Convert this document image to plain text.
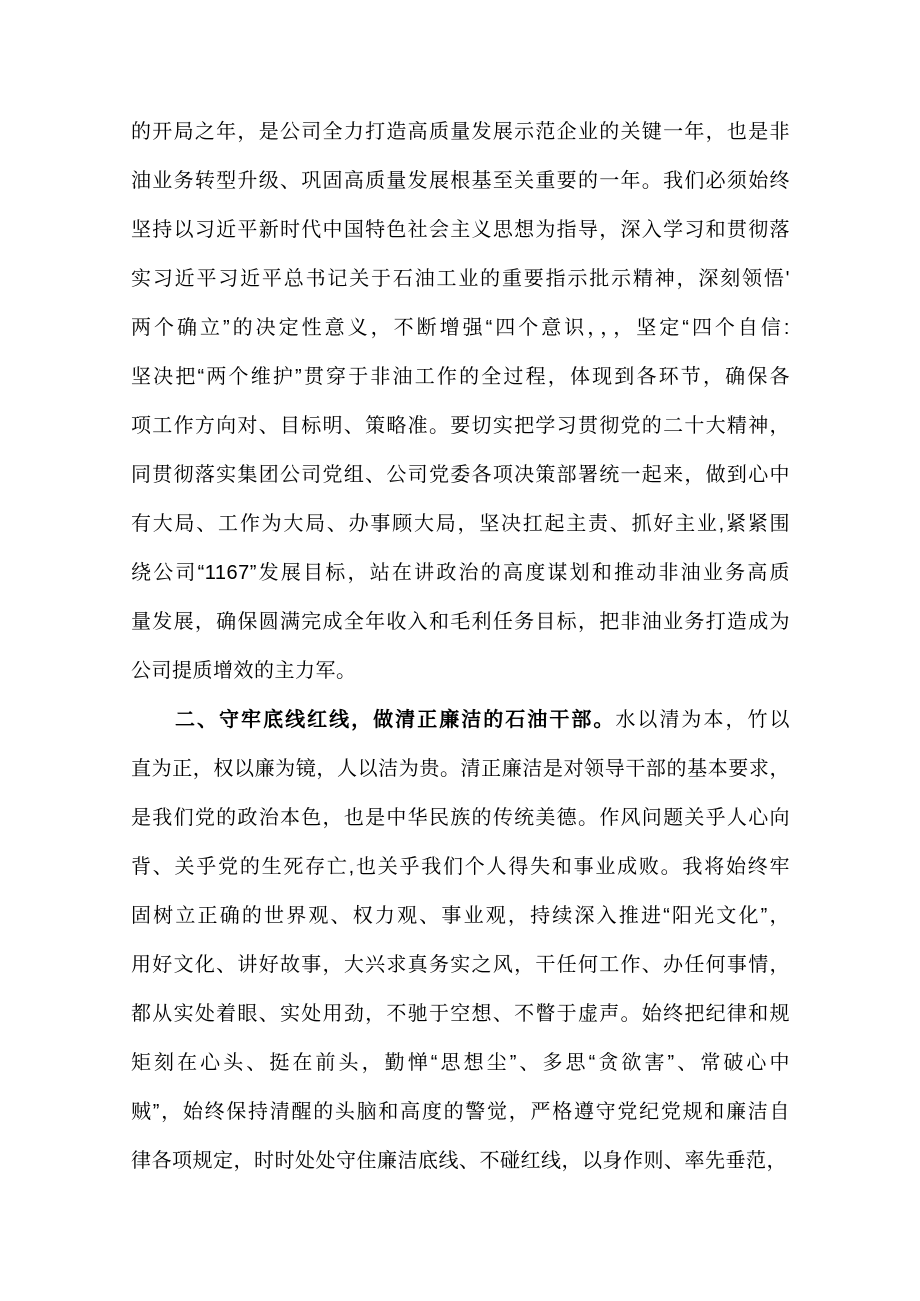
的开局之年，是公司全力打造高质量发展示范企业的关键一年，也是非
油业务转型升级、巩固高质量发展根基至关重要的一年。我们必须始终
坚持以习近平新时代中国特色社会主义思想为指导，深入学习和贯彻落
实习近平习近平总书记关于石油工业的重要指示批示精神，深刻领悟'
两个确立”的决定性意义，不断增强“四个意识，，，坚定“四个自信:
坚决把“两个维护”贯穿于非油工作的全过程，体现到各环节，确保各
项工作方向对、目标明、策略准。要切实把学习贯彻党的二十大精神，
同贯彻落实集团公司党组、公司党委各项决策部署统一起来，做到心中
有大局、工作为大局、办事顾大局，坚决扛起主责、抓好主业,紧紧围
绕公司“1167”发展目标，站在讲政治的高度谋划和推动非油业务高质
量发展，确保圆满完成全年收入和毛利任务目标，把非油业务打造成为
公司提质增效的主力军。
二、守牢底线红线，做清正廉洁的石油干部。水以清为本，竹以
直为正，权以廉为镜，人以洁为贵。清正廉洁是对领导干部的基本要求，
是我们党的政治本色，也是中华民族的传统美德。作风问题关乎人心向
背、关乎党的生死存亡,也关乎我们个人得失和事业成败。我将始终牢
固树立正确的世界观、权力观、事业观，持续深入推进“阳光文化”，
用好文化、讲好故事，大兴求真务实之风，干任何工作、办任何事情，
都从实处着眼、实处用劲，不驰于空想、不瞥于虚声。始终把纪律和规
矩刻在心头、挺在前头，勤惮“思想尘”、多思“贪欲害”、常破心中
贼”，始终保持清醒的头脑和高度的警觉，严格遵守党纪党规和廉洁自
律各项规定，时时处处守住廉洁底线、不碰红线，以身作则、率先垂范，
